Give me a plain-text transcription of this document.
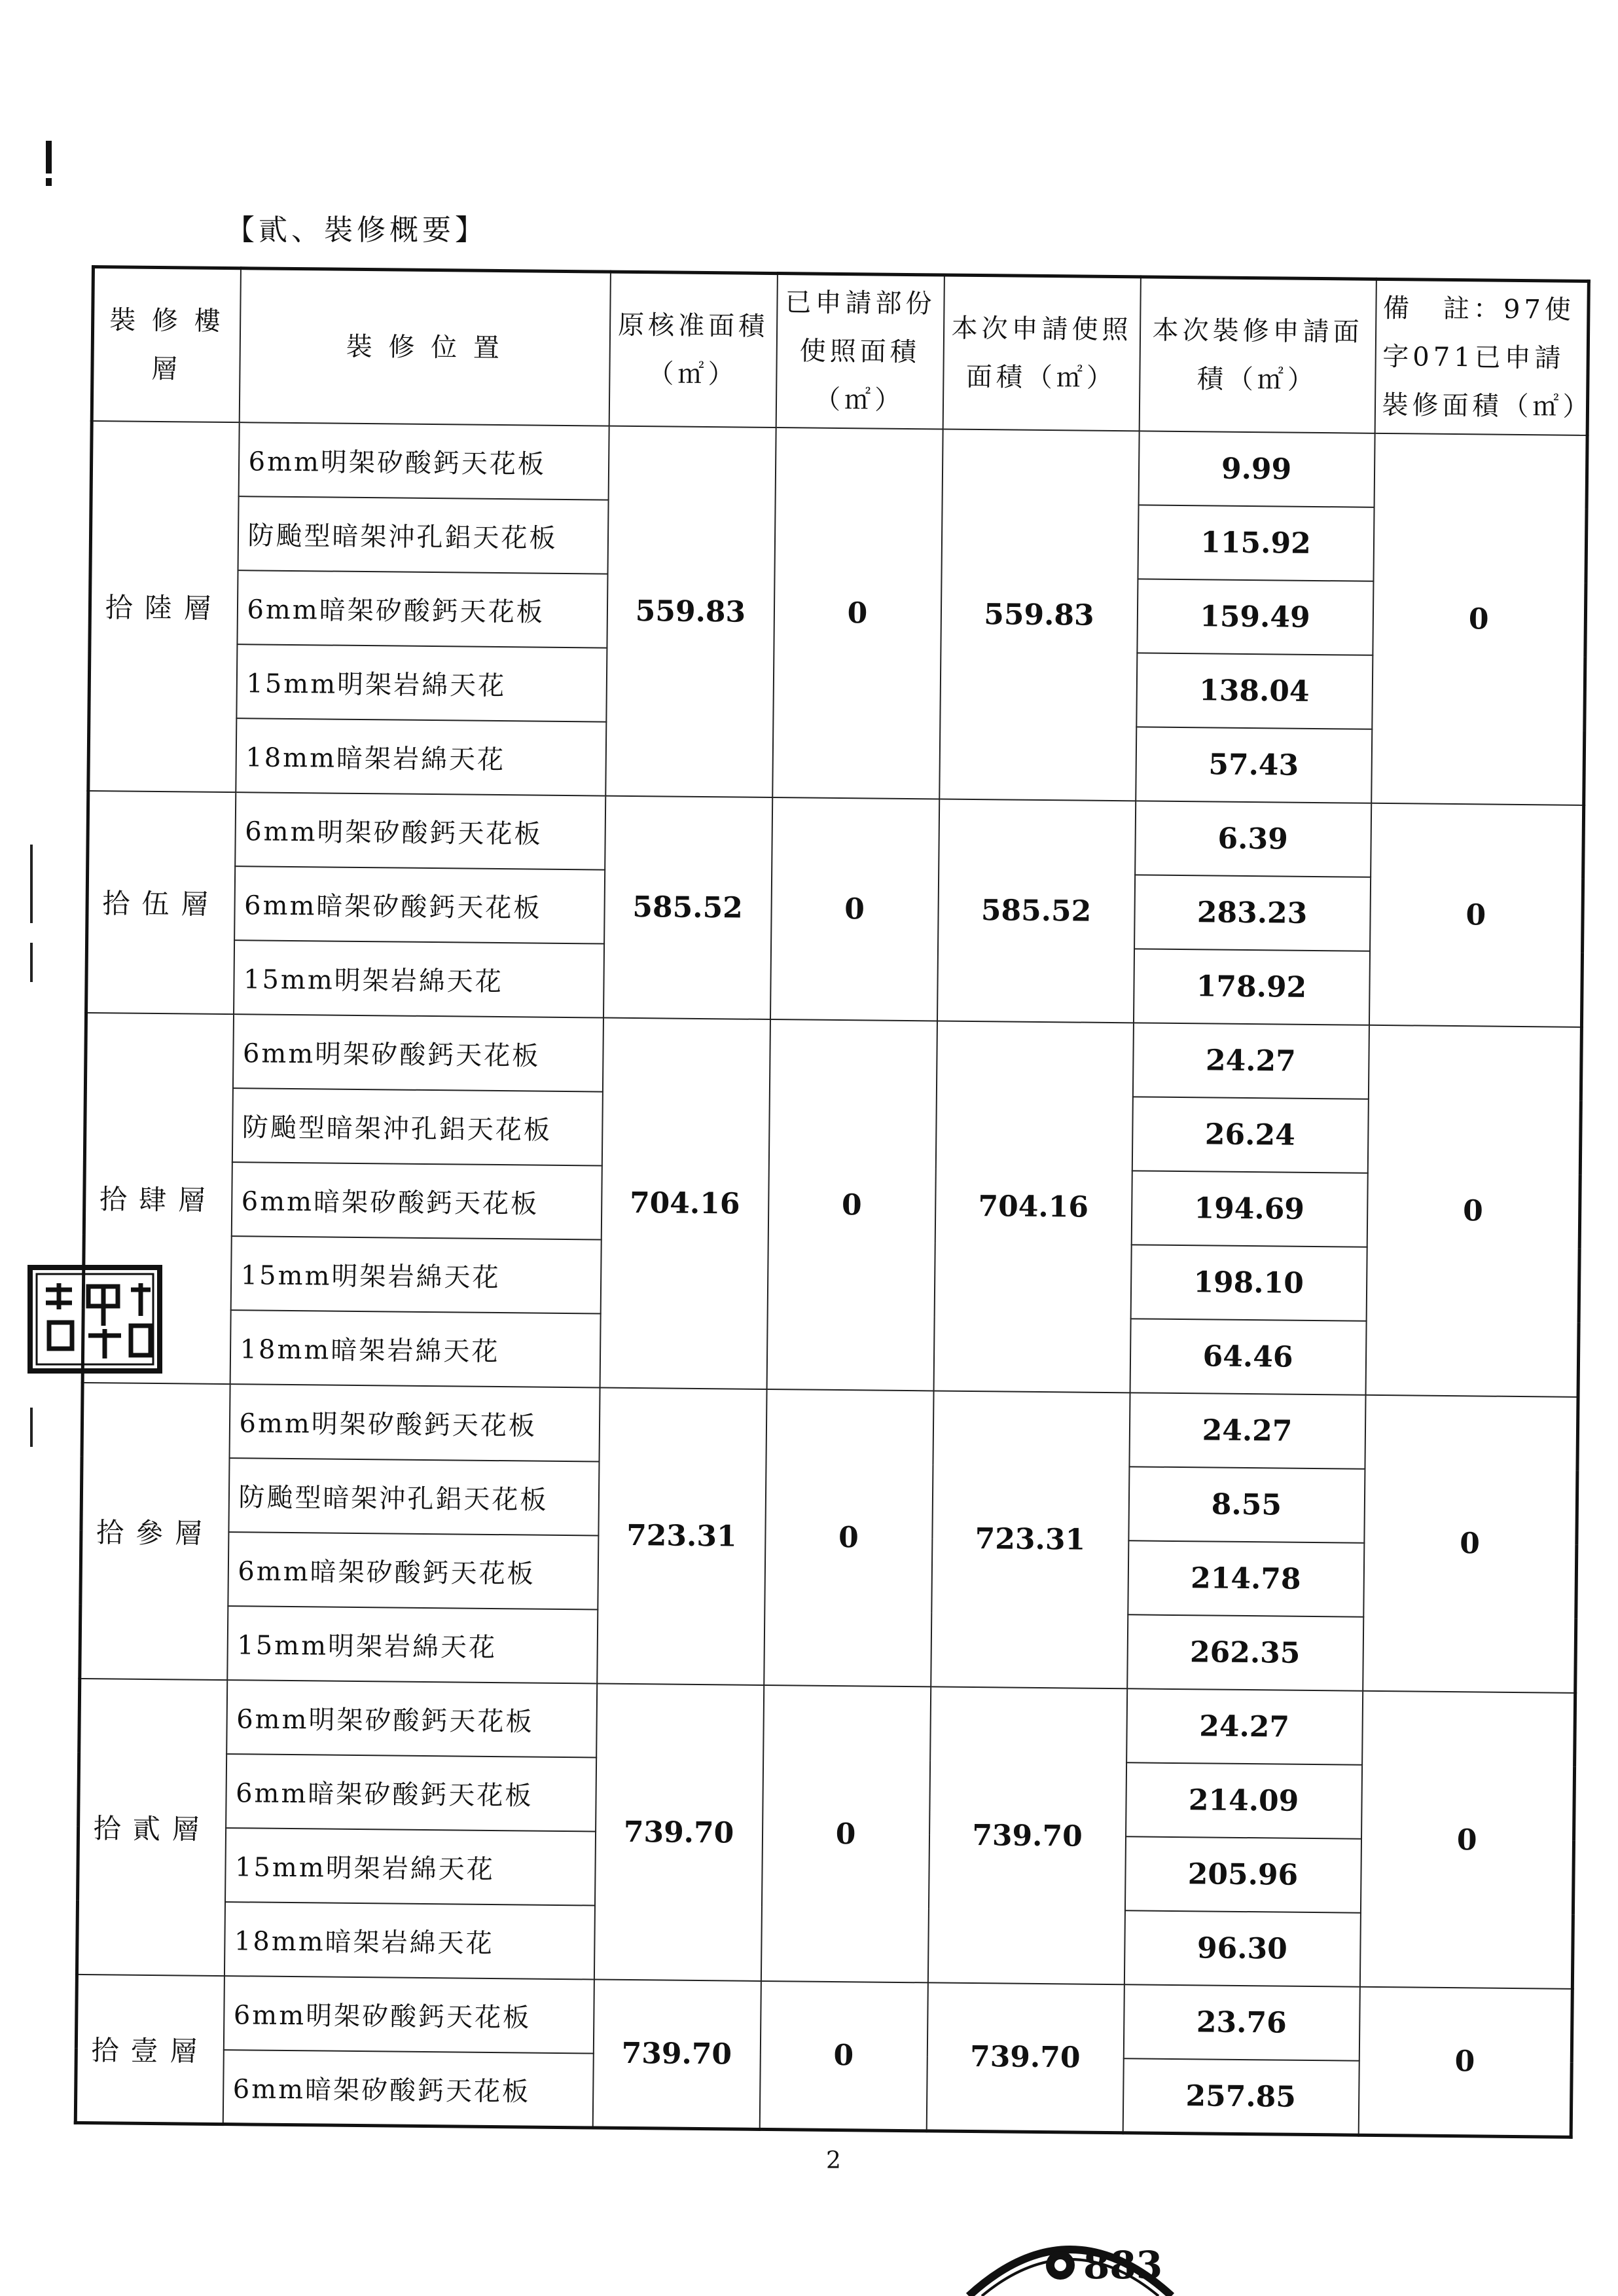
【貳、裝修概要】
裝 修 樓 層	裝 修 位 置	原核准面積（㎡）	已申請部份使照面積（㎡）	本次申請使照面積（㎡）	本次裝修申請面積（㎡）	備　註：97使字071已申請裝修面積（㎡）
拾陸層	6mm明架矽酸鈣天花板	559.83	0	559.83	9.99	0
	防颱型暗架沖孔鋁天花板				115.92	
	6mm暗架矽酸鈣天花板				159.49	
	15mm明架岩綿天花				138.04	
	18mm暗架岩綿天花				57.43	
拾伍層	6mm明架矽酸鈣天花板	585.52	0	585.52	6.39	0
	6mm暗架矽酸鈣天花板				283.23	
	15mm明架岩綿天花				178.92	
拾肆層	6mm明架矽酸鈣天花板	704.16	0	704.16	24.27	0
	防颱型暗架沖孔鋁天花板				26.24	
	6mm暗架矽酸鈣天花板				194.69	
	15mm明架岩綿天花				198.10	
	18mm暗架岩綿天花				64.46	
拾參層	6mm明架矽酸鈣天花板	723.31	0	723.31	24.27	0
	防颱型暗架沖孔鋁天花板				8.55	
	6mm暗架矽酸鈣天花板				214.78	
	15mm明架岩綿天花				262.35	
拾貳層	6mm明架矽酸鈣天花板	739.70	0	739.70	24.27	0
	6mm暗架矽酸鈣天花板				214.09	
	15mm明架岩綿天花				205.96	
	18mm暗架岩綿天花				96.30	
拾壹層	6mm明架矽酸鈣天花板	739.70	0	739.70	23.76	0
	6mm暗架矽酸鈣天花板				257.85	
2
883
